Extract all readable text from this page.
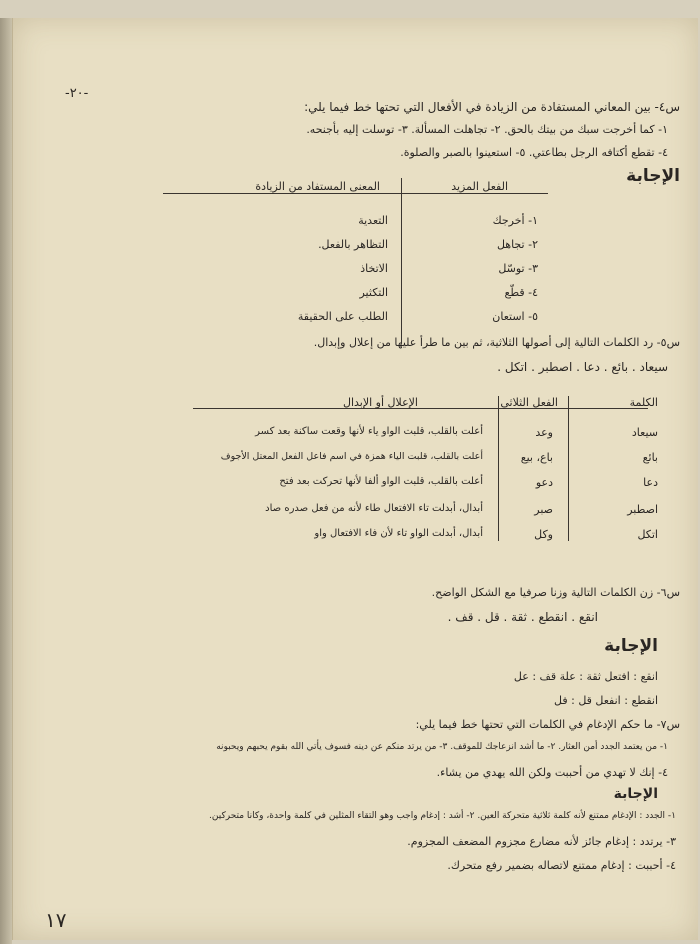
-٢٠-
س٤- بين المعاني المستفادة من الزيادة في الأفعال التي تحتها خط فيما يلي:
١- كما أخرجت سبك من بيتك بالحق. ٢- تجاهلت المسألة. ٣- توسلت إليه بأجنحه.
٤- تقطع أكتافه الرجل بطاعتي. ٥- استعينوا بالصبر والصلوة.
الإجابة
الفعل المزيد
المعنى المستفاد من الزيادة
١- أخرجك
التعدية
٢- تجاهل
التظاهر بالفعل.
٣- توسّل
الاتخاذ
٤- قطّع
التكثير
٥- استعان
الطلب على الحقيقة
س٥- رد الكلمات التالية إلى أصولها الثلاثية، ثم بين ما طرأ عليها من إعلال وإبدال.
سيعاد . بائع . دعا . اصطبر . اتكل .
الكلمة
الفعل الثلاثي
الإعلال أو الإبدال
سيعاد
وعد
أعلت بالقلب، قلبت الواو ياء لأنها وقعت ساكنة بعد كسر
بائع
باع، بيع
أعلت بالقلب، قلبت الياء همزة في اسم فاعل الفعل المعتل الأجوف
دعا
دعو
أعلت بالقلب، قلبت الواو ألفا لأنها تحركت بعد فتح
اصطبر
صبر
أبدال، أبدلت تاء الافتعال طاء لأنه من فعل صدره صاد
اتكل
وكل
أبدال، أبدلت الواو تاء لأن فاء الافتعال واو
س٦- زن الكلمات التالية وزنا صرفيا مع الشكل الواضح.
انقع . انقطع . ثقة . قل . قف .
الإجابة
انقع : افتعل ثقة : علة قف : عل
انقطع : انفعل قل : فل
س٧- ما حكم الإدغام في الكلمات التي تحتها خط فيما يلي:
١- من يعتمد الجدد أمن العثار. ٢- ما أشد انزعاجك للموقف. ٣- من يرتد منكم عن دينه فسوف يأتي الله بقوم يحبهم ويحبونه
٤- إنك لا تهدي من أحببت ولكن الله يهدي من يشاء.
الإجابة
١- الجدد : الإدغام ممتنع لأنه كلمة ثلاثية متحركة العين. ٢- أشد : إدغام واجب وهو التقاء المثلين في كلمة واحدة، وكانا متحركين.
٣- يرتدد : إدغام جائز لأنه مضارع مجزوم المضعف المجزوم.
٤- أحببت : إدغام ممتنع لاتصاله بضمير رفع متحرك.
١٧
